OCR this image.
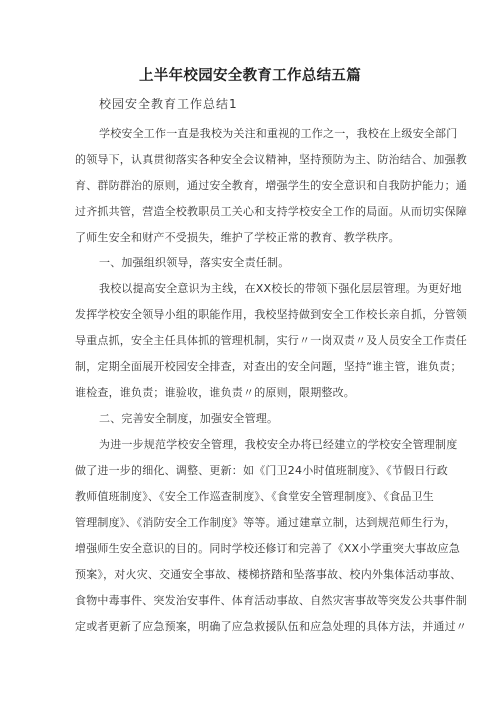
上半年校园安全教育工作总结五篇
校园安全教育工作总结1
学校安全工作一直是我校为关注和重视的工作之一，我校在上级安全部门
的领导下，认真贯彻落实各种安全会议精神，坚持预防为主、防治结合、加强教
育、群防群治的原则，通过安全教育，增强学生的安全意识和自我防护能力；通
过齐抓共管，营造全校教职员工关心和支持学校安全工作的局面。从而切实保障
了师生安全和财产不受损失，维护了学校正常的教育、教学秩序。
一、加强组织领导，落实安全责任制。
我校以提高安全意识为主线，在XX校长的带领下强化层层管理。为更好地
发挥学校安全领导小组的职能作用，我校坚持做到安全工作校长亲自抓，分管领
导重点抓，安全主任具体抓的管理机制，实行〃一岗双责〃及人员安全工作责任
制，定期全面展开校园安全排查，对查出的安全问题，坚持“谁主管，谁负责；
谁检查，谁负责；谁验收，谁负责〃的原则，限期整改。
二、完善安全制度，加强安全管理。
为进一步规范学校安全管理，我校安全办将已经建立的学校安全管理制度
做了进一步的细化、调整、更新：如《门卫24小时值班制度》、《节假日行政
教师值班制度》、《安全工作巡查制度》、《食堂安全管理制度》、《食品卫生
管理制度》、《消防安全工作制度》等等。通过建章立制，达到规范师生行为，
增强师生安全意识的目的。同时学校还修订和完善了《XX小学重突大事故应急
预案》，对火灾、交通安全事故、楼梯挤踏和坠落事故、校内外集体活动事故、
食物中毒事件、突发治安事件、体育活动事故、自然灾害事故等突发公共事件制
定或者更新了应急预案，明确了应急救援队伍和应急处理的具体方法，并通过〃
